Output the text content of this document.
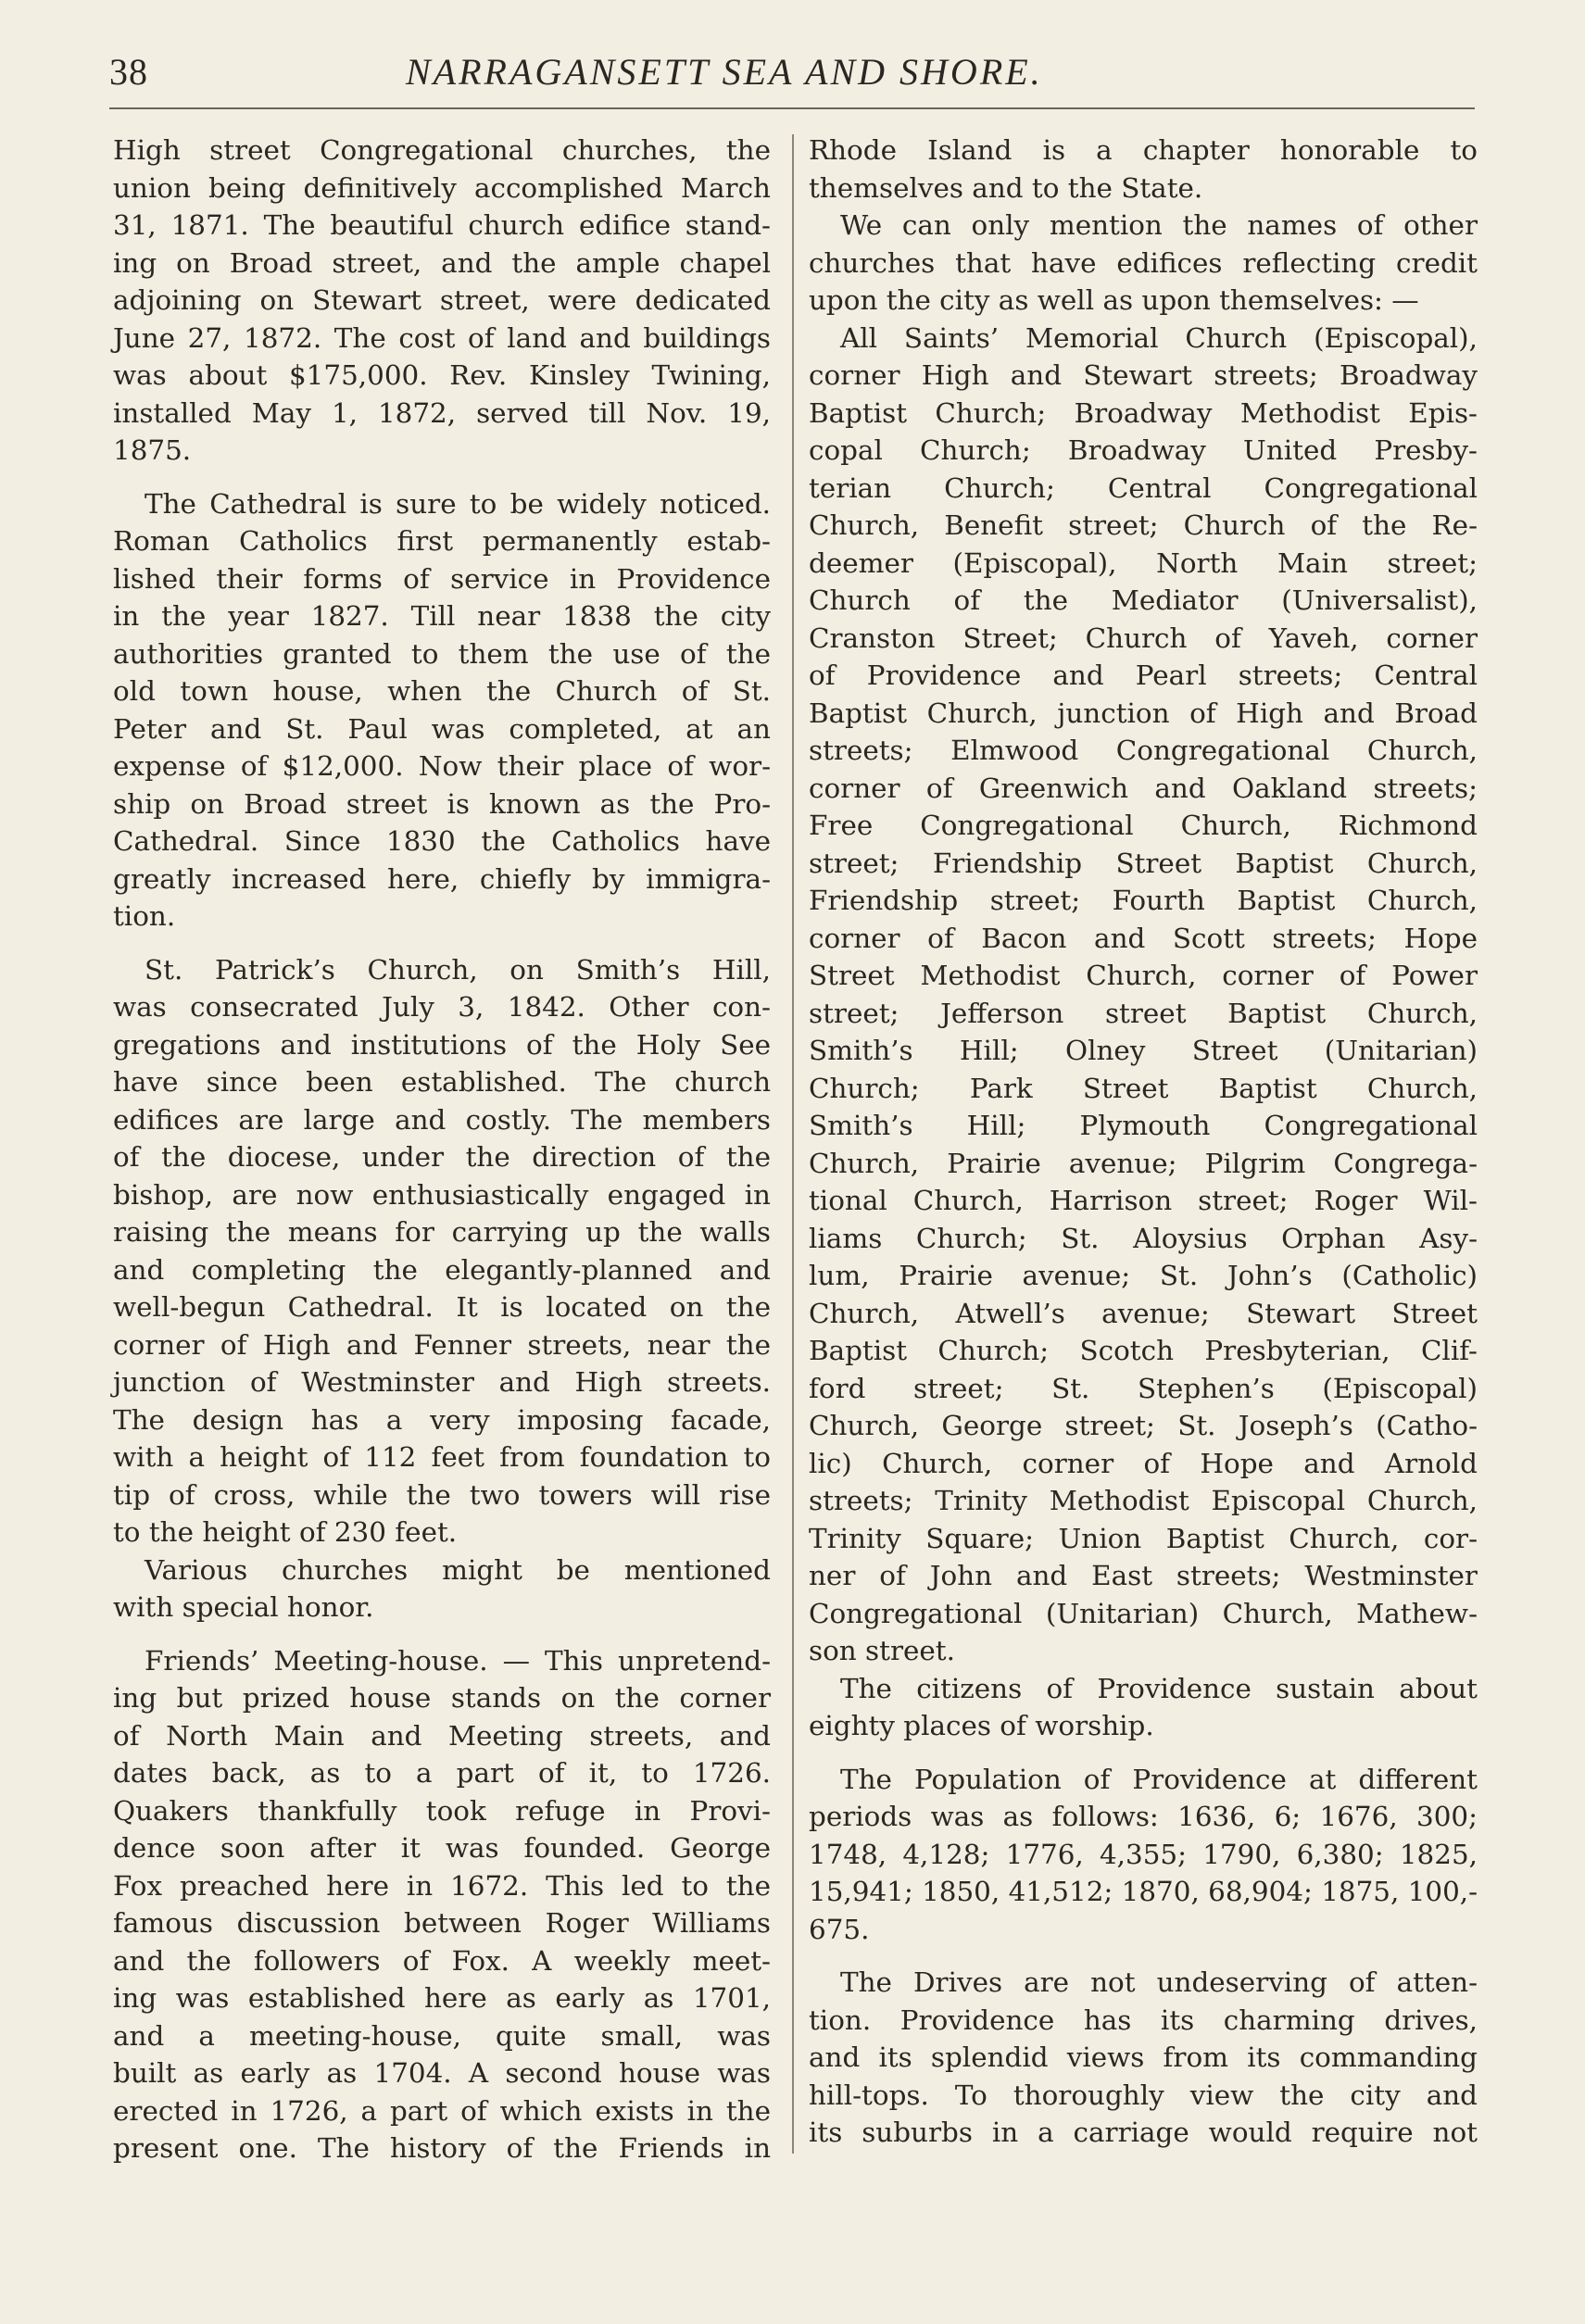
38	NARRAGANSETT SEA AND SHORE.
High street Congregational churches, the
union being definitively accomplished March
31, 1871. The beautiful church edifice stand-
ing on Broad street, and the ample chapel
adjoining on Stewart street, were dedicated
June 27, 1872. The cost of land and buildings
was about $175,000. Rev. Kinsley Twining,
installed May 1, 1872, served till Nov. 19,
1875.
The Cathedral is sure to be widely noticed.
Roman Catholics first permanently estab-
lished their forms of service in Providence
in the year 1827. Till near 1838 the city
authorities granted to them the use of the
old town house, when the Church of St.
Peter and St. Paul was completed, at an
expense of $12,000. Now their place of wor-
ship on Broad street is known as the Pro-
Cathedral. Since 1830 the Catholics have
greatly increased here, chiefly by immigra-
tion.
St. Patrick’s Church, on Smith’s Hill,
was consecrated July 3, 1842. Other con-
gregations and institutions of the Holy See
have since been established. The church
edifices are large and costly. The members
of the diocese, under the direction of the
bishop, are now enthusiastically engaged in
raising the means for carrying up the walls
and completing the elegantly-planned and
well-begun Cathedral. It is located on the
corner of High and Fenner streets, near the
junction of Westminster and High streets.
The design has a very imposing facade,
with a height of 112 feet from foundation to
tip of cross, while the two towers will rise
to the height of 230 feet.
Various churches might be mentioned
with special honor.
Friends’ Meeting-house. — This unpretend-
ing but prized house stands on the corner
of North Main and Meeting streets, and
dates back, as to a part of it, to 1726.
Quakers thankfully took refuge in Provi-
dence soon after it was founded. George
Fox preached here in 1672. This led to the
famous discussion between Roger Williams
and the followers of Fox. A weekly meet-
ing was established here as early as 1701,
and a meeting-house, quite small, was
built as early as 1704. A second house was
erected in 1726, a part of which exists in the
present one. The history of the Friends in
Rhode Island is a chapter honorable to
themselves and to the State.
We can only mention the names of other
churches that have edifices reflecting credit
upon the city as well as upon themselves: —
All Saints’ Memorial Church (Episcopal),
corner High and Stewart streets; Broadway
Baptist Church; Broadway Methodist Epis-
copal Church; Broadway United Presby-
terian Church; Central Congregational
Church, Benefit street; Church of the Re-
deemer (Episcopal), North Main street;
Church of the Mediator (Universalist),
Cranston Street; Church of Yaveh, corner
of Providence and Pearl streets; Central
Baptist Church, junction of High and Broad
streets; Elmwood Congregational Church,
corner of Greenwich and Oakland streets;
Free Congregational Church, Richmond
street; Friendship Street Baptist Church,
Friendship street; Fourth Baptist Church,
corner of Bacon and Scott streets; Hope
Street Methodist Church, corner of Power
street; Jefferson street Baptist Church,
Smith’s Hill; Olney Street (Unitarian)
Church; Park Street Baptist Church,
Smith’s Hill; Plymouth Congregational
Church, Prairie avenue; Pilgrim Congrega-
tional Church, Harrison street; Roger Wil-
liams Church; St. Aloysius Orphan Asy-
lum, Prairie avenue; St. John’s (Catholic)
Church, Atwell’s avenue; Stewart Street
Baptist Church; Scotch Presbyterian, Clif-
ford street; St. Stephen’s (Episcopal)
Church, George street; St. Joseph’s (Catho-
lic) Church, corner of Hope and Arnold
streets; Trinity Methodist Episcopal Church,
Trinity Square; Union Baptist Church, cor-
ner of John and East streets; Westminster
Congregational (Unitarian) Church, Mathew-
son street.
The citizens of Providence sustain about
eighty places of worship.
The Population of Providence at different
periods was as follows: 1636, 6; 1676, 300;
1748, 4,128; 1776, 4,355; 1790, 6,380; 1825,
15,941; 1850, 41,512; 1870, 68,904; 1875, 100,-
675.
The Drives are not undeserving of atten-
tion. Providence has its charming drives,
and its splendid views from its commanding
hill-tops. To thoroughly view the city and
its suburbs in a carriage would require not
